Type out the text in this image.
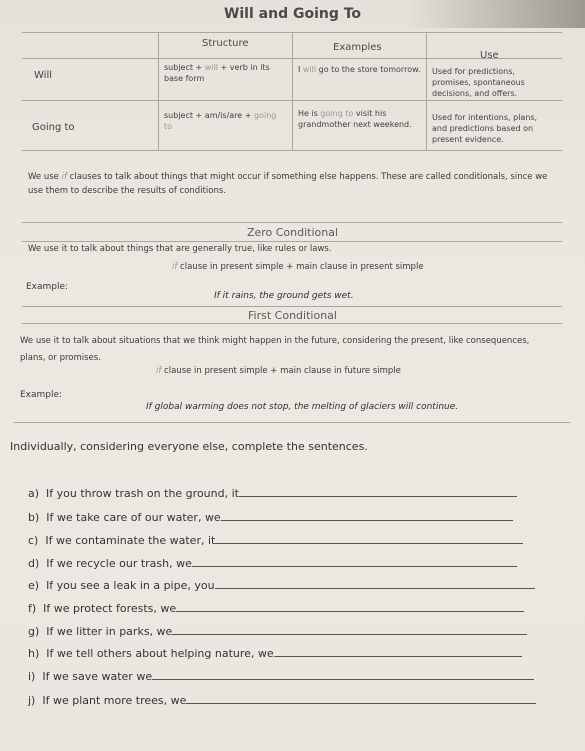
Will and Going To
Structure	Examples
Use
Will
subject + will + verb in its base form
I will go to the store tomorrow. Used for predictions, promises, spontaneous decisions, and offers.
Going to
subject + am/is/are + going to
He is going to visit his grandmother next weekend.
Used for intentions, plans, and predictions based on present evidence.
We use if clauses to talk about things that might occur if something else happens. These are called conditionals, since we use them to describe the results of conditions.
Zero Conditional
We use it to talk about things that are generally true, like rules or laws.
if clause in present simple + main clause in present simple
Example:
If it rains, the ground gets wet.
First Conditional
We use it to talk about situations that we think might happen in the future, considering the present, like consequences, plans, or promises.
if clause in present simple + main clause in future simple
Example:
If global warming does not stop, the melting of glaciers will continue.
Individually, considering everyone else, complete the sentences.
a) If you throw trash on the ground, it
b) If we take care of our water, we
c) If we contaminate the water, it
d) If we recycle our trash, we
e) If you see a leak in a pipe, you
f) If we protect forests, we
g) If we litter in parks, we
h) If we tell others about helping nature, we
i) If we save water we
j) If we plant more trees, we
